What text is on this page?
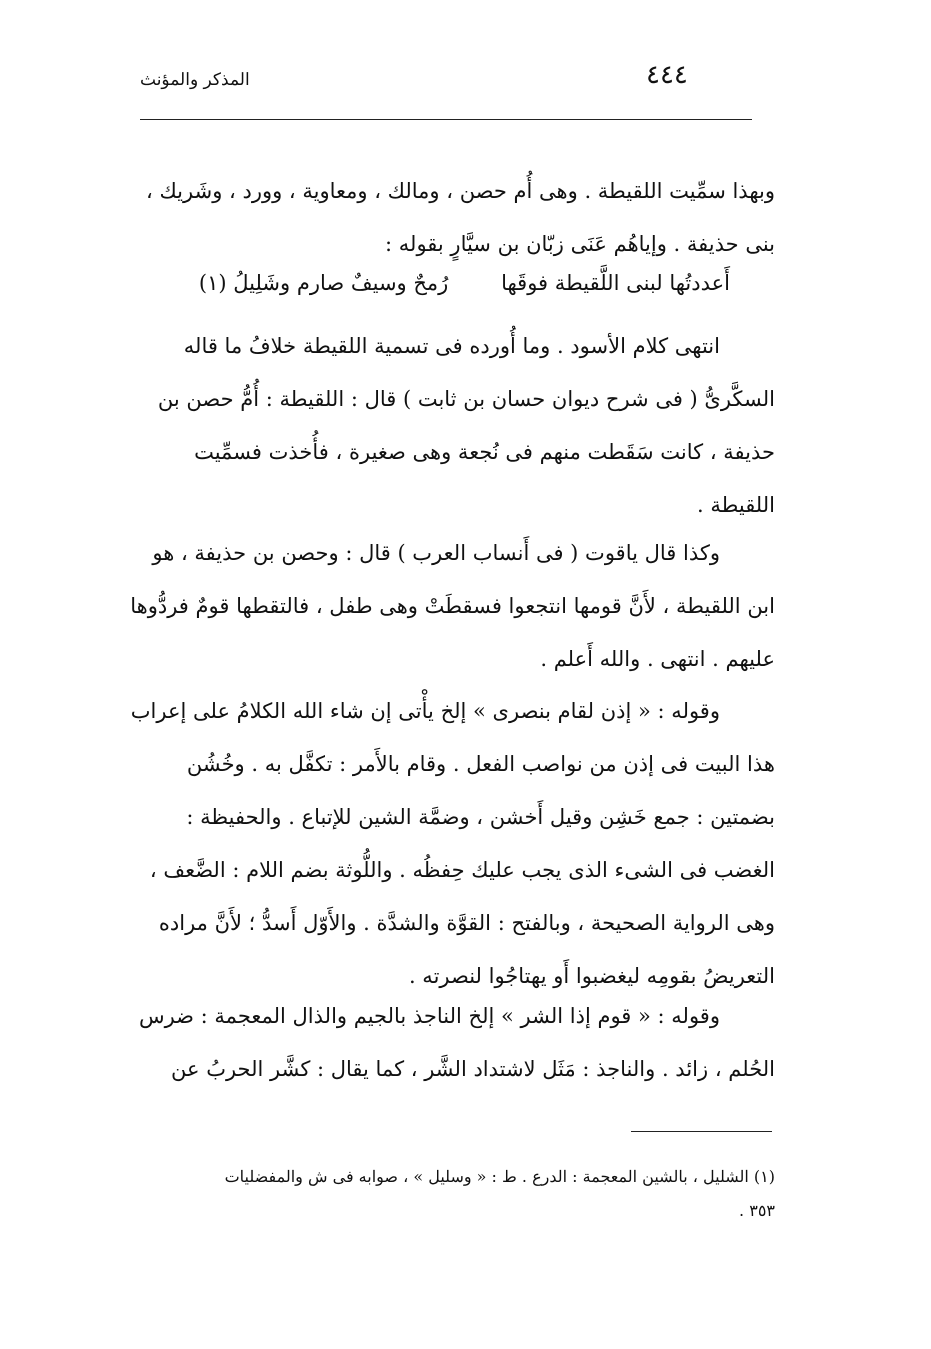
٤٤٤
المذكر والمؤنث
وبهذا سمِّيت اللقيطة . وهى أُم حصن ، ومالك ، ومعاوية ، وورد ، وشَريك ،
بنى حذيفة . وإياهُم عَنَى زبّان بن سيَّارٍ بقوله :
أَعددتُها لبنى اللَّقيطة فوقَها رُمحٌ وسيفٌ صارم وشَلِيلُ (١)
انتهى كلام الأسود . وما أُورده فى تسمية اللقيطة خلافُ ما قاله
السكَّرىُّ ( فى شرح ديوان حسان بن ثابت ) قال : اللقيطة : أُمُّ حصن بن
حذيفة ، كانت سَقَطت منهم فى نُجعة وهى صغيرة ، فأُخذت فسمِّيت
اللقيطة .
وكذا قال ياقوت ( فى أَنساب العرب ) قال : وحصن بن حذيفة ، هو
ابن اللقيطة ، لأَنَّ قومها انتجعوا فسقطَتْ وهى طفل ، فالتقطها قومٌ فردُّوها
عليهم . انتهى . والله أَعلم .
وقوله : « إذن لقام بنصرى » إلخ يأْتى إن شاء الله الكلامُ على إعراب
هذا البيت فى إذن من نواصب الفعل . وقام بالأَمر : تكفَّل به . وخُشُن
بضمتين : جمع خَشِن وقيل أَخشن ، وضمَّة الشين للإتباع . والحفيظة :
الغضب فى الشىء الذى يجب عليك حِفظُه . واللُّوثة بضم اللام : الضَّعف ،
وهى الرواية الصحيحة ، وبالفتح : القوَّة والشدَّة . والأَوّل أَسدُّ ؛ لأَنَّ مراده
التعريضُ بقومِه ليغضبوا أَو يهتاجُوا لنصرته .
وقوله : « قوم إذا الشر » إلخ الناجذ بالجيم والذال المعجمة : ضرس
الحُلم ، زائد . والناجذ : مَثَل لاشتداد الشَّر ، كما يقال : كشَّر الحربُ عن
(١) الشليل ، بالشين المعجمة : الدرع . ط : « وسليل » ، صوابه فى ش والمفضليات
٣٥٣ .
